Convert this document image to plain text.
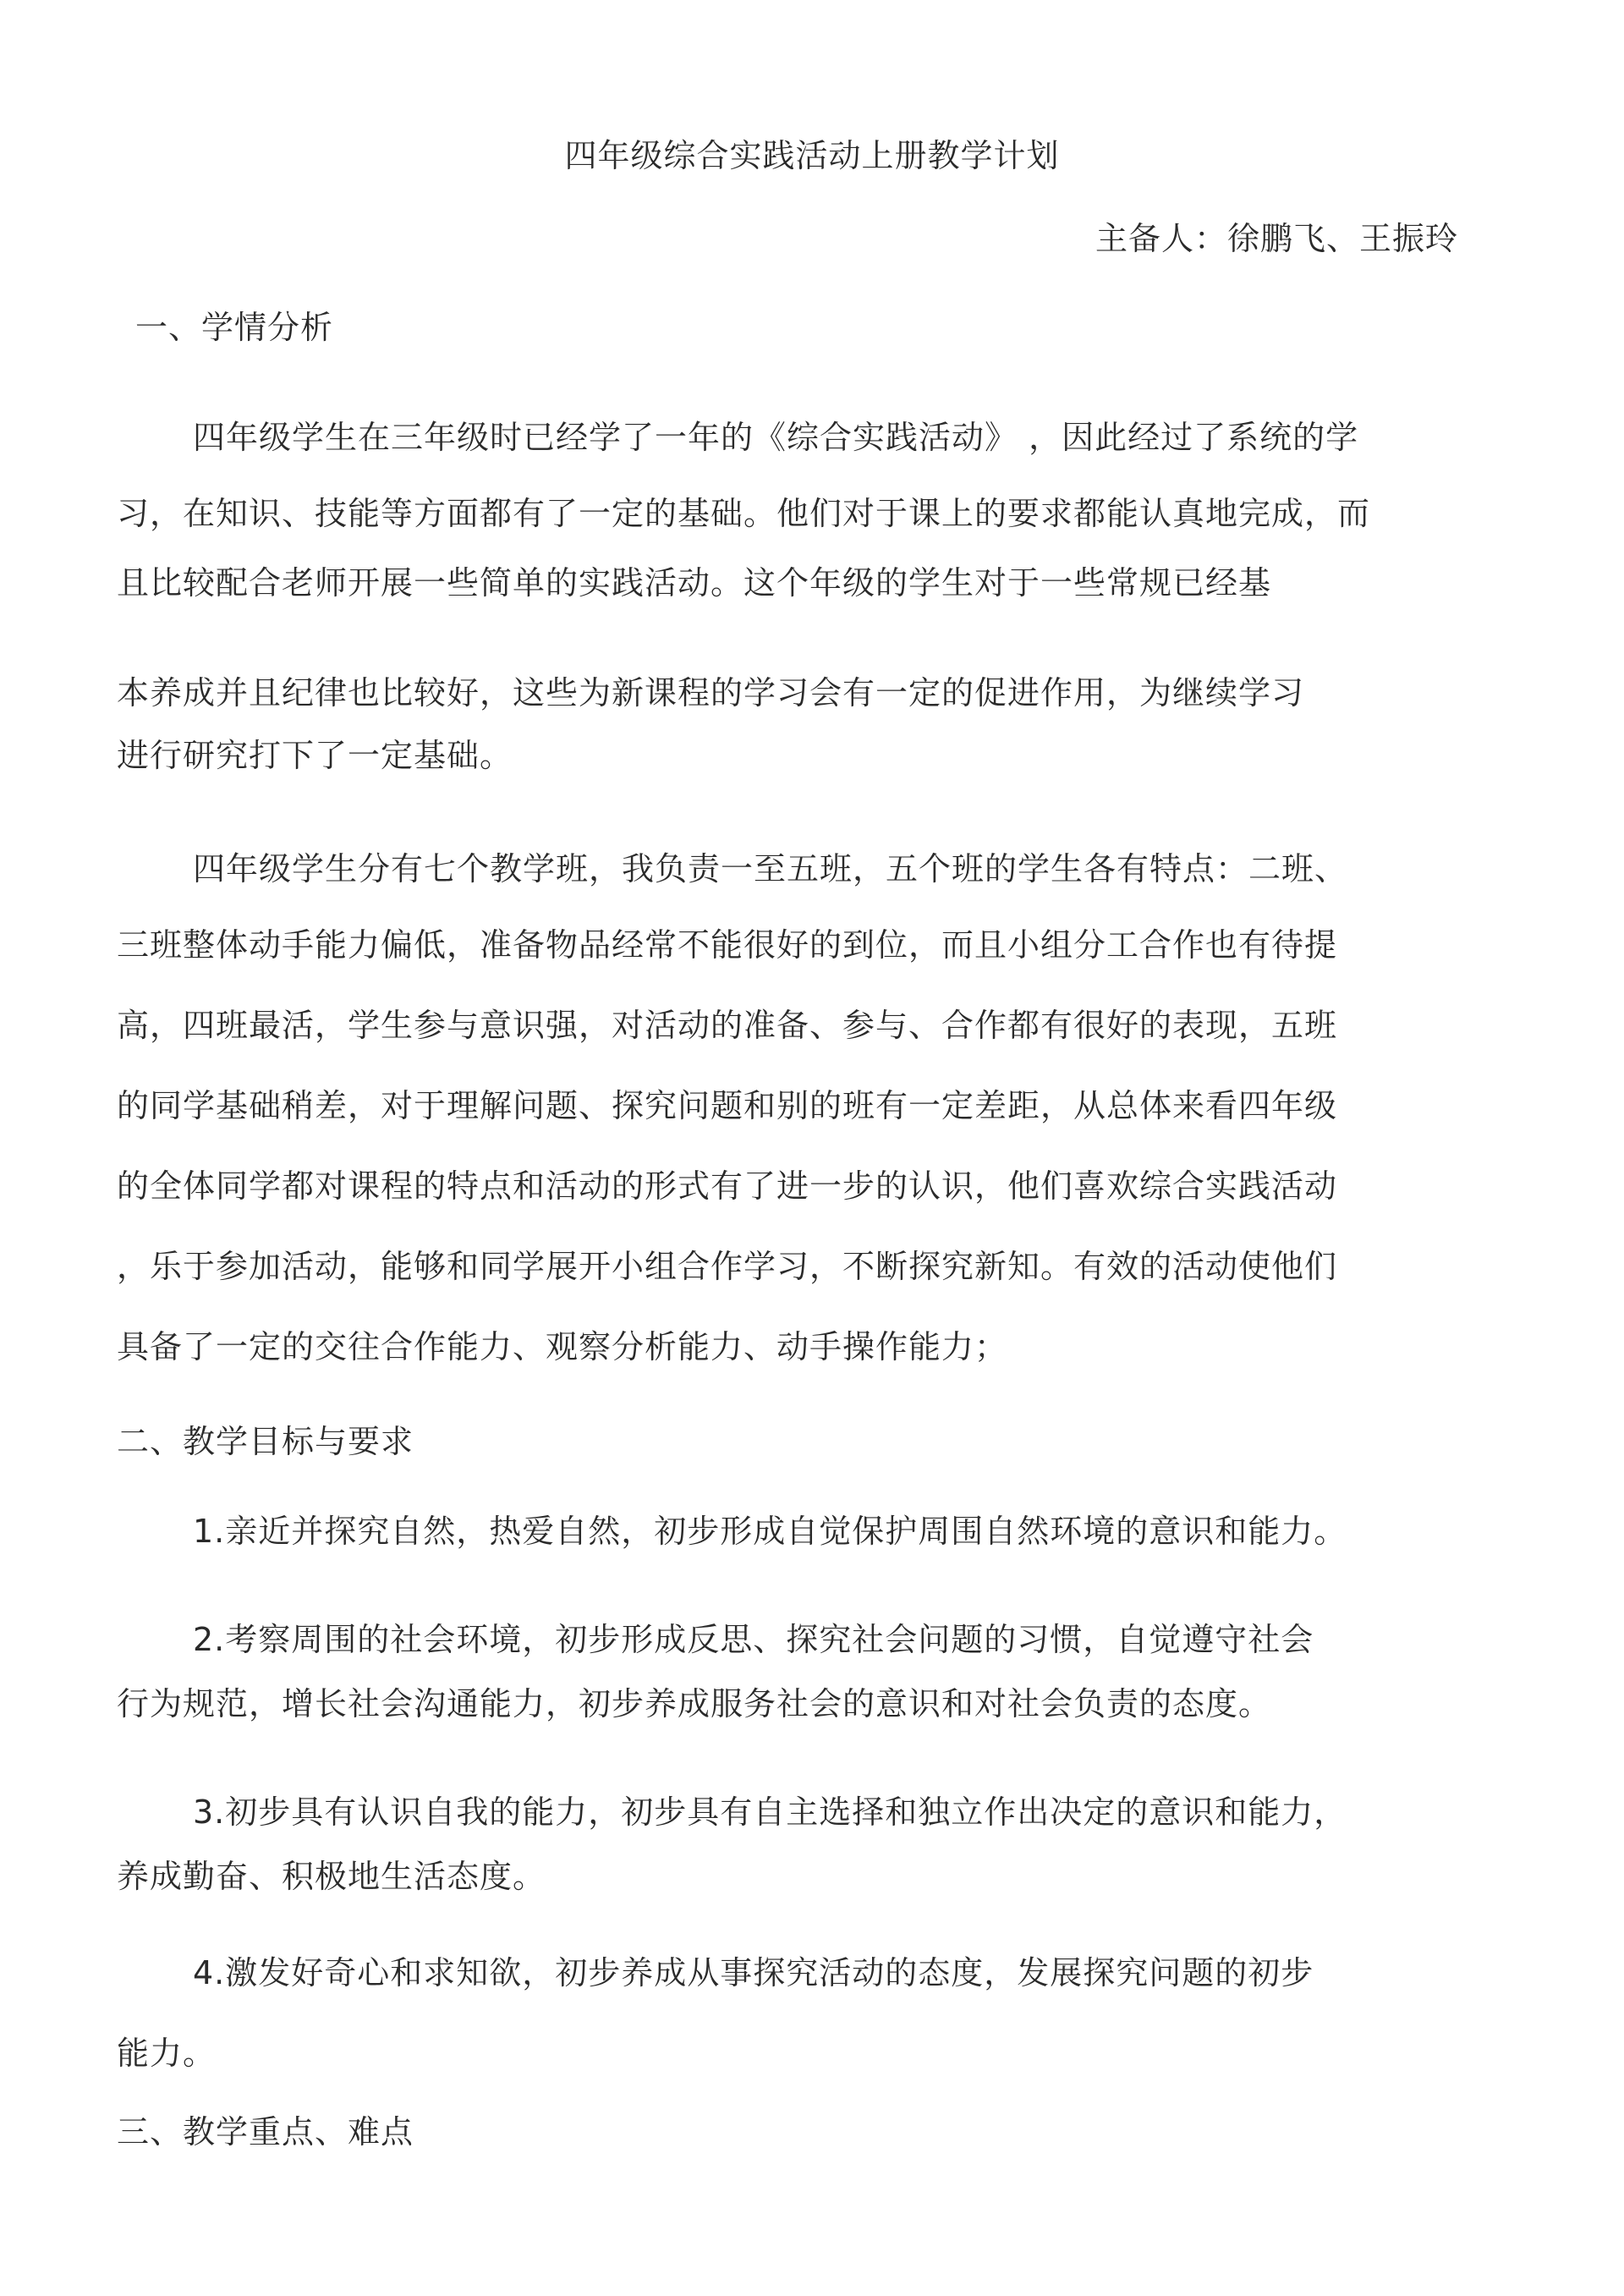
四年级综合实践活动上册教学计划
主备人：徐鹏飞、王振玲
一、学情分析
四年级学生在三年级时已经学了一年的《综合实践活动》 ，因此经过了系统的学
习，在知识、技能等方面都有了一定的基础。他们对于课上的要求都能认真地完成，而
且比较配合老师开展一些简单的实践活动。这个年级的学生对于一些常规已经基
本养成并且纪律也比较好，这些为新课程的学习会有一定的促进作用，为继续学习
进行研究打下了一定基础。
四年级学生分有七个教学班，我负责一至五班，五个班的学生各有特点：二班、
三班整体动手能力偏低，准备物品经常不能很好的到位，而且小组分工合作也有待提
高，四班最活，学生参与意识强，对活动的准备、参与、合作都有很好的表现，五班
的同学基础稍差，对于理解问题、探究问题和别的班有一定差距，从总体来看四年级
的全体同学都对课程的特点和活动的形式有了进一步的认识，他们喜欢综合实践活动
，乐于参加活动，能够和同学展开小组合作学习，不断探究新知。有效的活动使他们
具备了一定的交往合作能力、观察分析能力、动手操作能力；
二、教学目标与要求
1.亲近并探究自然，热爱自然，初步形成自觉保护周围自然环境的意识和能力。
2.考察周围的社会环境，初步形成反思、探究社会问题的习惯，自觉遵守社会
行为规范，增长社会沟通能力，初步养成服务社会的意识和对社会负责的态度。
3.初步具有认识自我的能力，初步具有自主选择和独立作出决定的意识和能力，
养成勤奋、积极地生活态度。
4.激发好奇心和求知欲，初步养成从事探究活动的态度，发展探究问题的初步
能力。
三、教学重点、难点
